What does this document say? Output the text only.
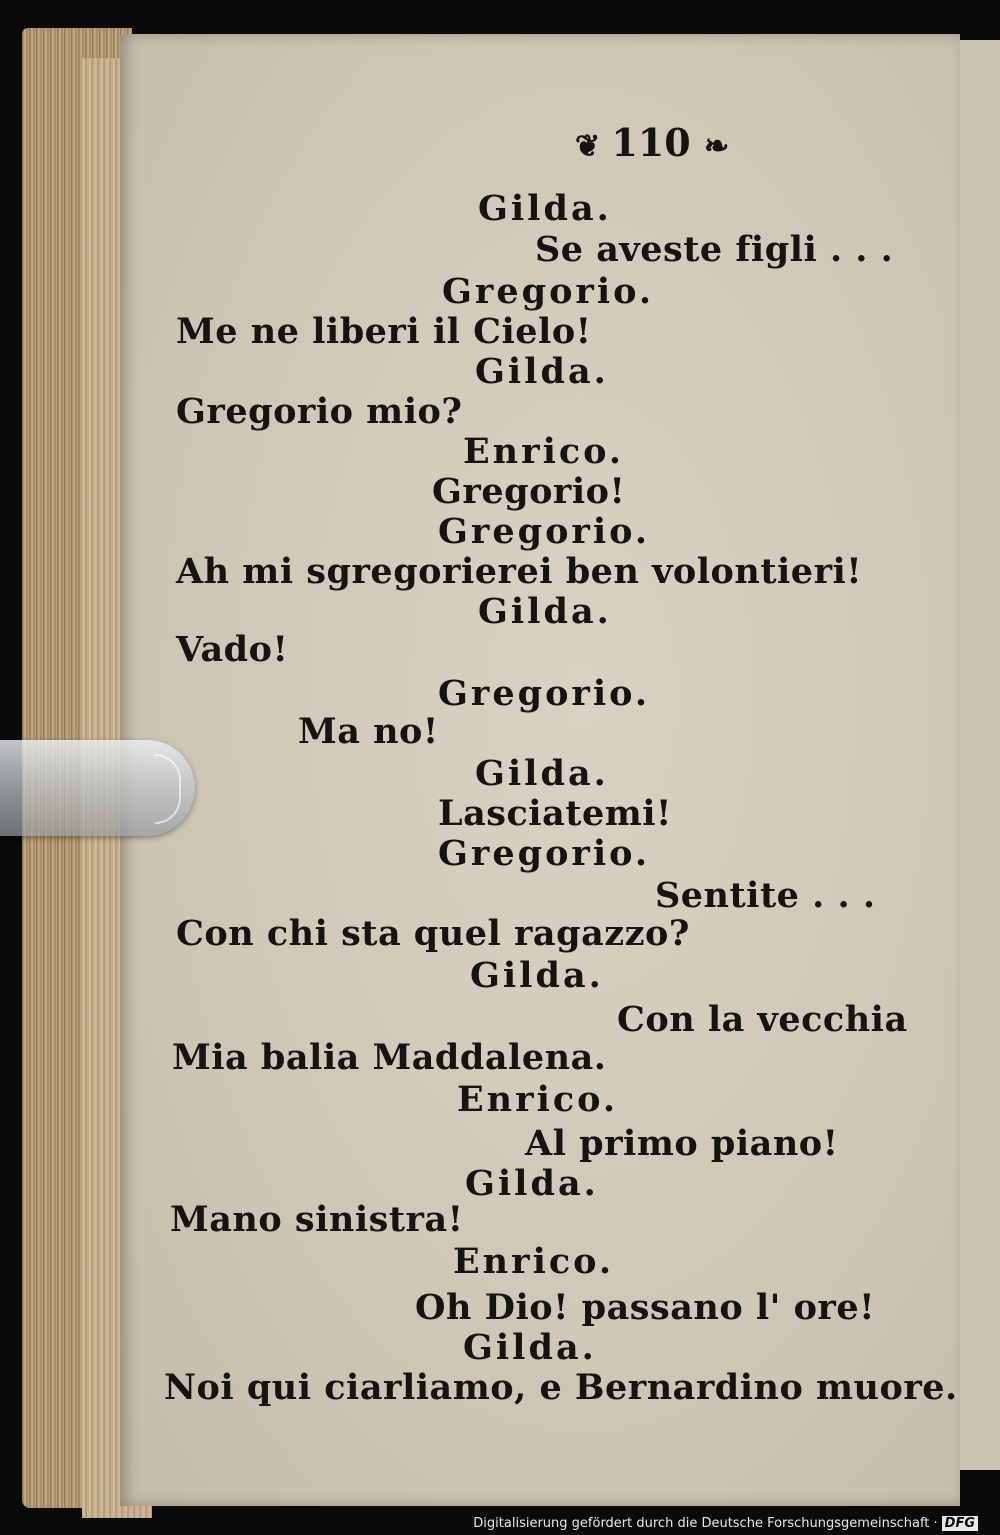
❦ 110 ❧
Gilda.
Se aveste figli . . .
Gregorio.
Me ne liberi il Cielo!
Gilda.
Gregorio mio?
Enrico.
Gregorio!
Gregorio.
Ah mi sgregorierei ben volontieri!
Gilda.
Vado!
Gregorio.
Ma no!
Gilda.
Lasciatemi!
Gregorio.
Sentite . . .
Con chi sta quel ragazzo?
Gilda.
Con la vecchia
Mia balia Maddalena.
Enrico.
Al primo piano!
Gilda.
Mano sinistra!
Enrico.
Oh Dio! passano l' ore!
Gilda.
Noi qui ciarliamo, e Bernardino muore.
Digitalisierung gefördert durch die Deutsche Forschungsgemeinschaft · DFG
